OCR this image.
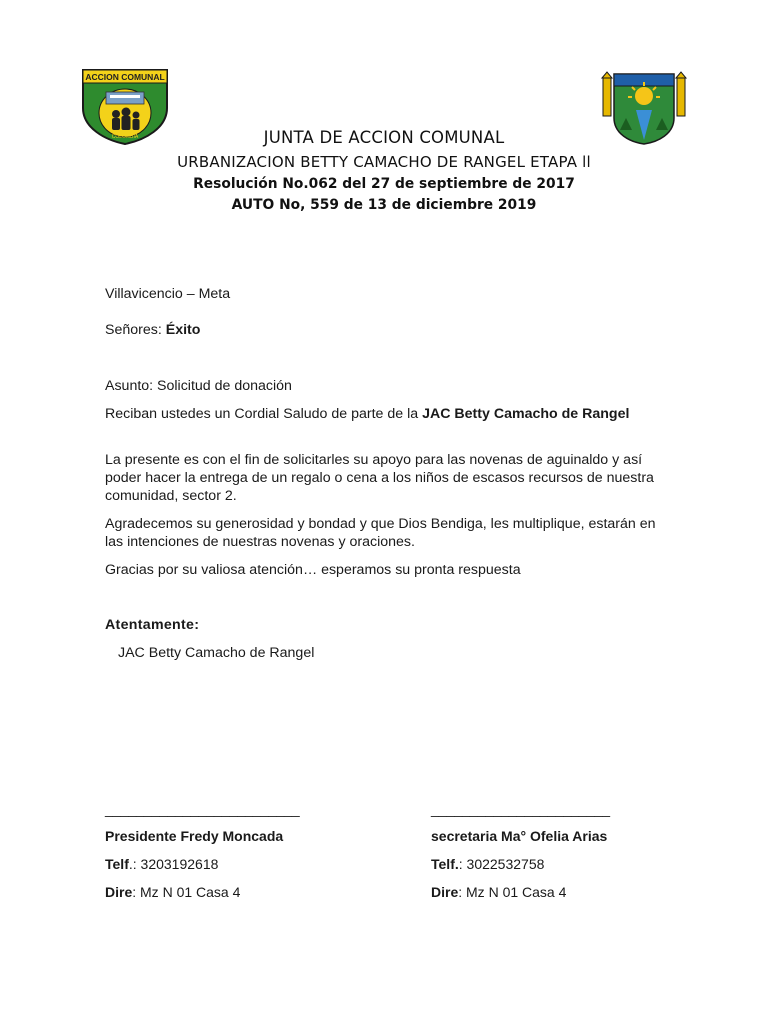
ACCION COMUNAL
COLOMBIA	JUNTA DE ACCION COMUNAL
URBANIZACION BETTY CAMACHO DE RANGEL ETAPA ll
Resolución No.062 del 27 de septiembre de 2017
AUTO No, 559 de 13 de diciembre 2019
Villavicencio – Meta
Señores: Éxito
Asunto: Solicitud de donación
Reciban ustedes un Cordial Saludo de parte de la JAC Betty Camacho de Rangel
La presente es con el fin de solicitarles su apoyo para las novenas de aguinaldo y así poder hacer la entrega de un regalo o cena a los niños de escasos recursos de nuestra comunidad, sector 2.
Agradecemos su generosidad y bondad y que Dios Bendiga, les multiplique, estarán en las intenciones de nuestras novenas y oraciones.
Gracias por su valiosa atención… esperamos su pronta respuesta
Atentamente:
JAC Betty Camacho de Rangel
_________________________
Presidente Fredy Moncada
Telf.: 3203192618
Dire: Mz N 01 Casa 4
_______________________
secretaria Ma° Ofelia Arias
Telf.: 3022532758
Dire: Mz N 01 Casa 4
